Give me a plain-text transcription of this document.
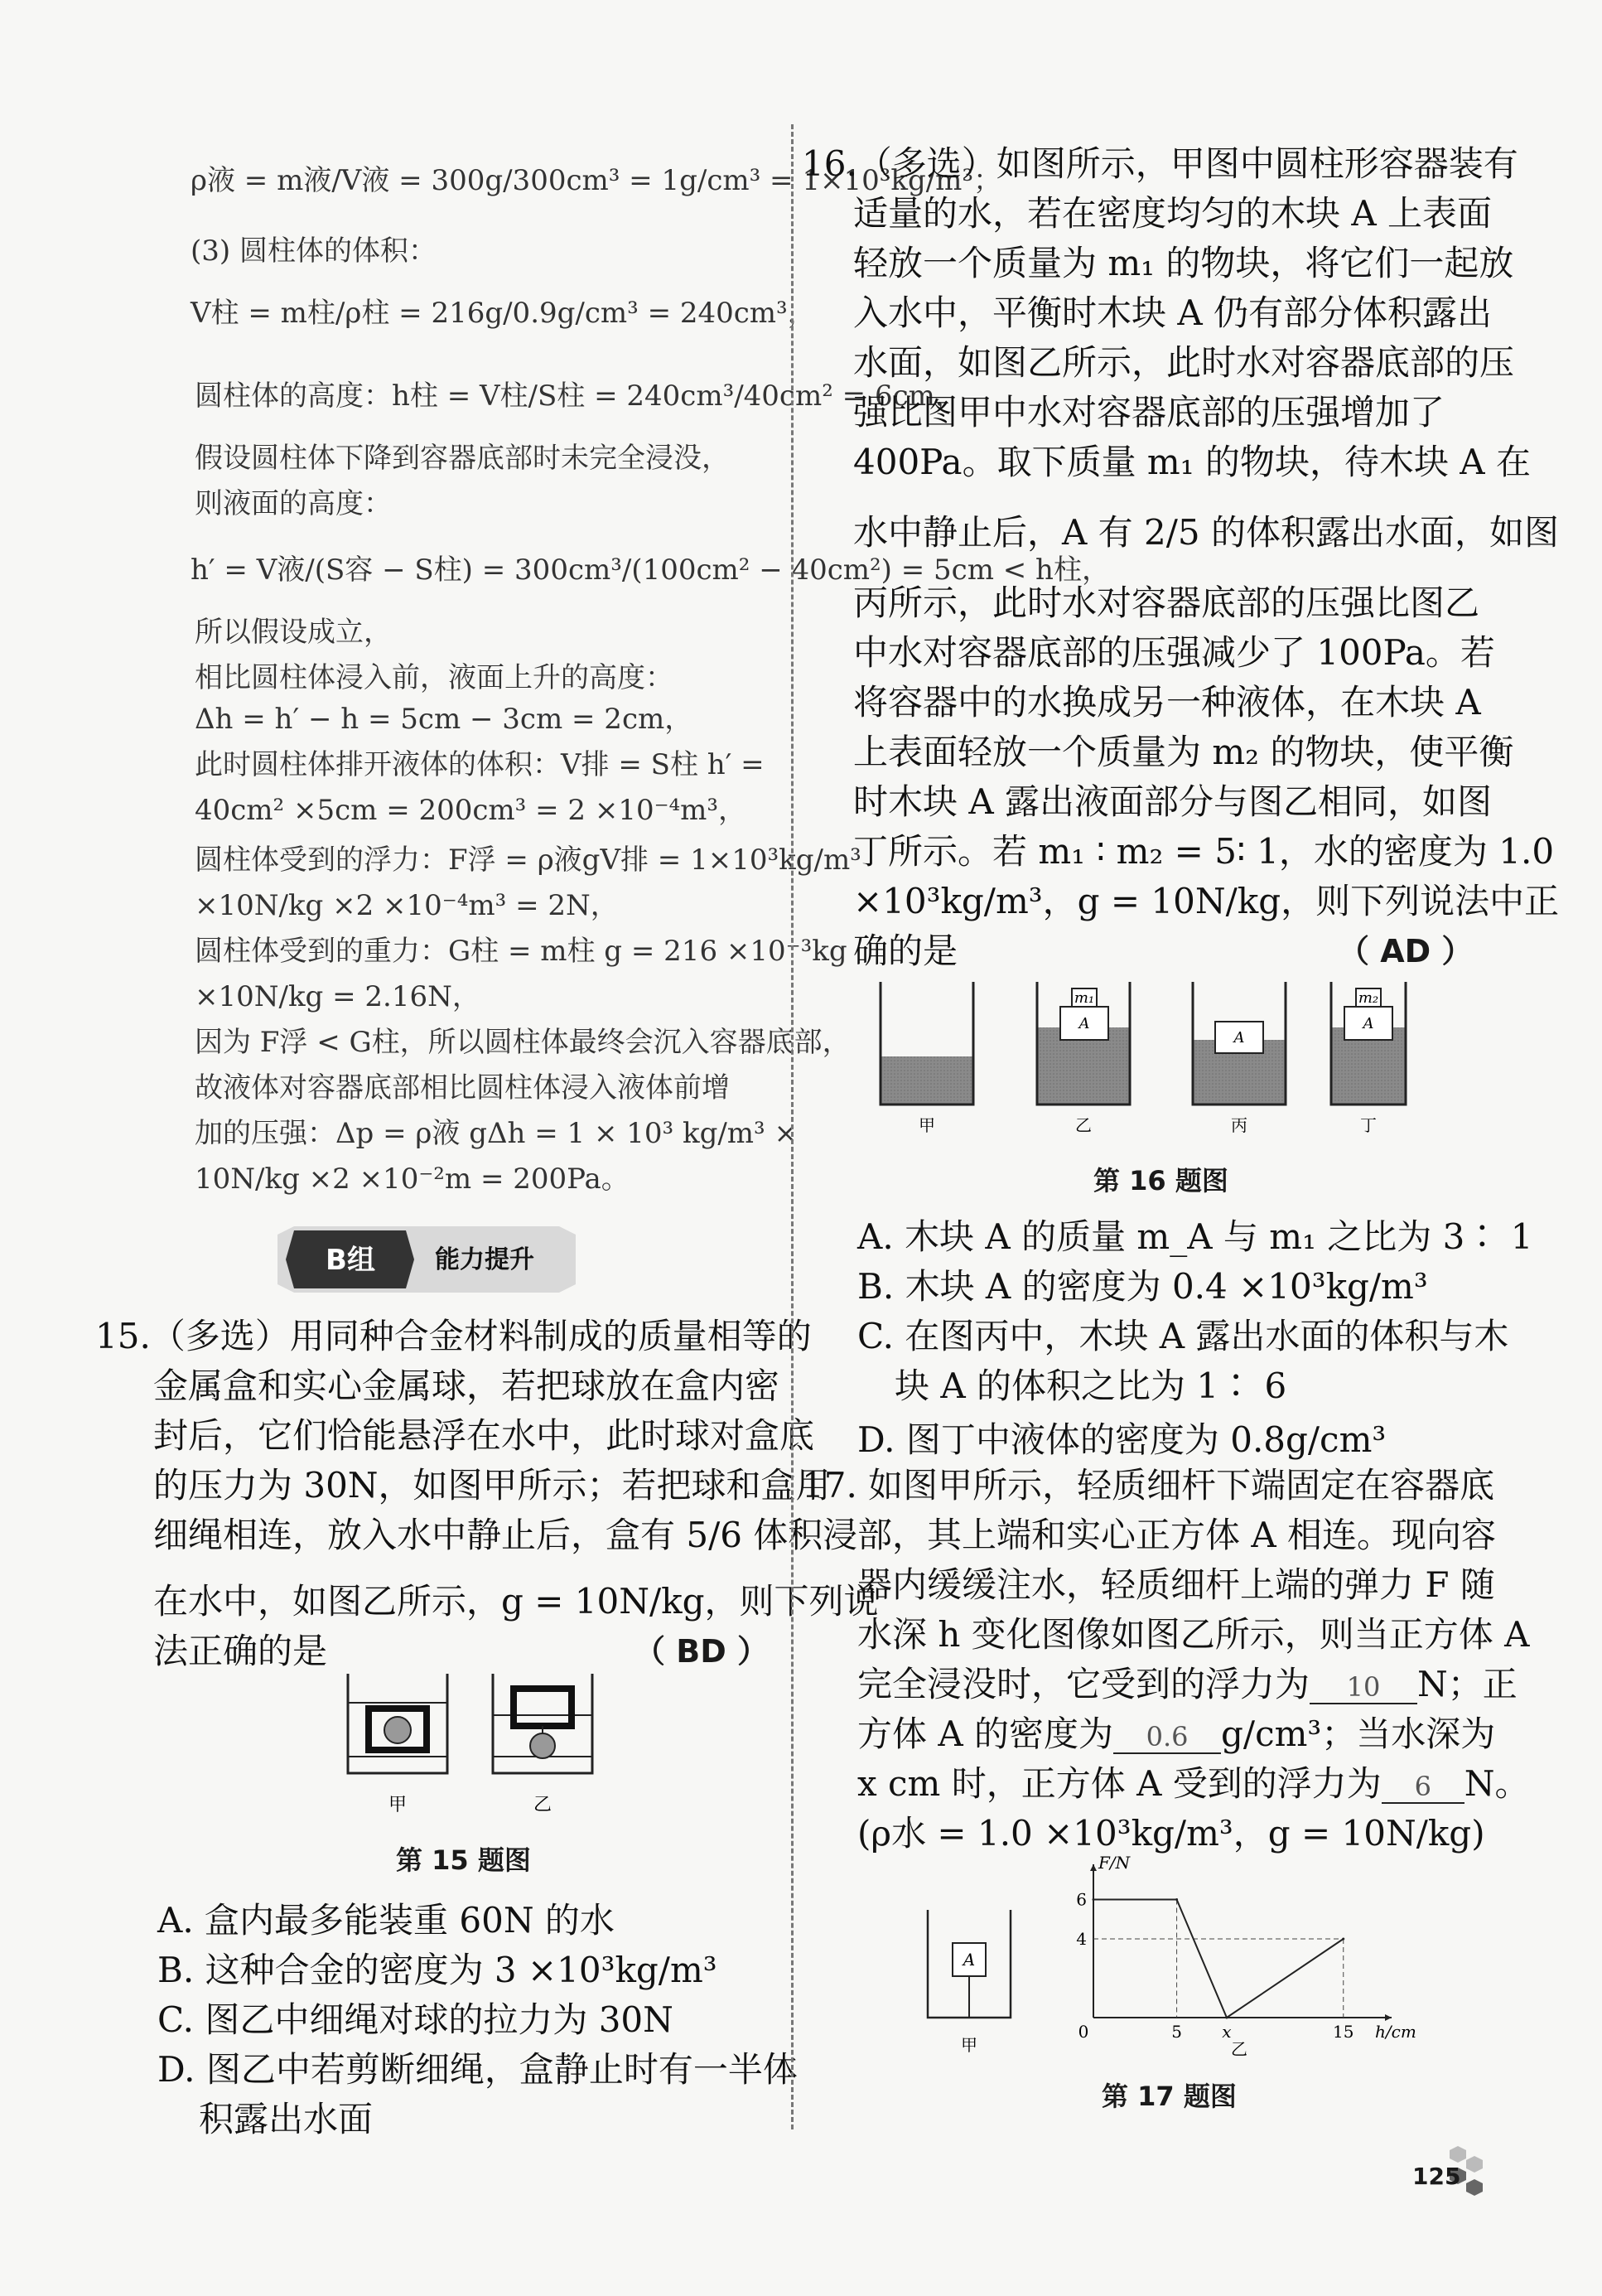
ρ液 = m液/V液 = 300g/300cm³ = 1g/cm³ = 1×10³kg/m³；
(3) 圆柱体的体积：
V柱 = m柱/ρ柱 = 216g/0.9g/cm³ = 240cm³，
圆柱体的高度：h柱 = V柱/S柱 = 240cm³/40cm² = 6cm，
假设圆柱体下降到容器底部时未完全浸没，
则液面的高度：
h′ = V液/(S容 − S柱) = 300cm³/(100cm² − 40cm²) = 5cm < h柱，
所以假设成立，
相比圆柱体浸入前，液面上升的高度：
Δh = h′ − h = 5cm − 3cm = 2cm，
此时圆柱体排开液体的体积：V排 = S柱 h′ =
40cm² ×5cm = 200cm³ = 2 ×10⁻⁴m³，
圆柱体受到的浮力：F浮 = ρ液gV排 = 1×10³kg/m³
×10N/kg ×2 ×10⁻⁴m³ = 2N，
圆柱体受到的重力：G柱 = m柱 g = 216 ×10⁻³kg
×10N/kg = 2.16N，
因为 F浮 < G柱，所以圆柱体最终会沉入容器底部，
故液体对容器底部相比圆柱体浸入液体前增
加的压强：Δp = ρ液 gΔh = 1 × 10³ kg/m³ ×
10N/kg ×2 ×10⁻²m = 200Pa。
B组 能力提升
15.（多选）用同种合金材料制成的质量相等的
金属盒和实心金属球，若把球放在盒内密
封后，它们恰能悬浮在水中，此时球对盒底
的压力为 30N，如图甲所示；若把球和盒用
细绳相连，放入水中静止后，盒有 5/6 体积浸
在水中，如图乙所示，g = 10N/kg，则下列说
法正确的是	（ BD ）
甲	乙
第 15 题图
A. 盒内最多能装重 60N 的水
B. 这种合金的密度为 3 ×10³kg/m³
C. 图乙中细绳对球的拉力为 30N
D. 图乙中若剪断细绳，盒静止时有一半体
积露出水面
16.（多选）如图所示，甲图中圆柱形容器装有
适量的水，若在密度均匀的木块 A 上表面
轻放一个质量为 m₁ 的物块，将它们一起放
入水中，平衡时木块 A 仍有部分体积露出
水面，如图乙所示，此时水对容器底部的压
强比图甲中水对容器底部的压强增加了
400Pa。取下质量 m₁ 的物块，待木块 A 在
水中静止后，A 有 2/5 的体积露出水面，如图
丙所示，此时水对容器底部的压强比图乙
中水对容器底部的压强减少了 100Pa。若
将容器中的水换成另一种液体，在木块 A
上表面轻放一个质量为 m₂ 的物块，使平衡
时木块 A 露出液面部分与图乙相同，如图
丁所示。若 m₁ ∶ m₂ = 5∶ 1，水的密度为 1.0
×10³kg/m³，g = 10N/kg，则下列说法中正
确的是	（ AD ）
m₁
A
A
m₂
A
甲	乙	丙	丁
第 16 题图
A. 木块 A 的质量 m_A 与 m₁ 之比为 3∶ 1
B. 木块 A 的密度为 0.4 ×10³kg/m³
C. 在图丙中，木块 A 露出水面的体积与木
块 A 的体积之比为 1∶ 6
D. 图丁中液体的密度为 0.8g/cm³
17. 如图甲所示，轻质细杆下端固定在容器底
部，其上端和实心正方体 A 相连。现向容
器内缓缓注水，轻质细杆上端的弹力 F 随
水深 h 变化图像如图乙所示，则当正方体 A
完全浸没时，它受到的浮力为 10 N；正
方体 A 的密度为 0.6 g/cm³；当水深为
x cm 时，正方体 A 受到的浮力为 6 N。
(ρ水 = 1.0 ×10³kg/m³，g = 10N/kg)
A
甲
0	5 x	15
4
6
h/cm
F/N
乙
第 17 题图
125
